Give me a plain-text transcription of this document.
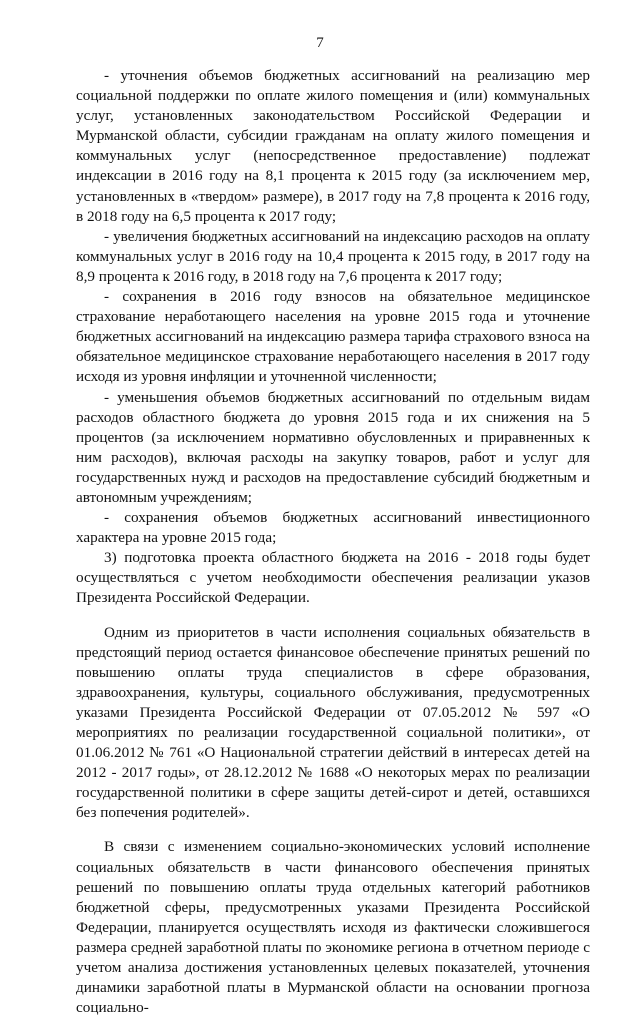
7

- уточнения объемов бюджетных ассигнований на реализацию мер социальной поддержки по оплате жилого помещения и (или) коммунальных услуг, установленных законодательством Российской Федерации и Мурманской области, субсидии гражданам на оплату жилого помещения и коммунальных услуг (непосредственное предоставление) подлежат индексации в 2016 году на 8,1 процента к 2015 году (за исключением мер, установленных в «твердом» размере), в 2017 году на 7,8 процента к 2016 году, в 2018 году на 6,5 процента к 2017 году;

- увеличения бюджетных ассигнований на индексацию расходов на оплату коммунальных услуг в 2016 году на 10,4 процента к 2015 году, в 2017 году на 8,9 процента к 2016 году, в 2018 году на 7,6 процента к 2017 году;

- сохранения в 2016 году взносов на обязательное медицинское страхование неработающего населения на уровне 2015 года и уточнение бюджетных ассигнований на индексацию размера тарифа страхового взноса на обязательное медицинское страхование неработающего населения в 2017 году исходя из уровня инфляции и уточненной численности;

- уменьшения объемов бюджетных ассигнований по отдельным видам расходов областного бюджета до уровня 2015 года и их снижения на 5 процентов (за исключением нормативно обусловленных и приравненных к ним расходов), включая расходы на закупку товаров, работ и услуг для государственных нужд и расходов на предоставление субсидий бюджетным и автономным учреждениям;

- сохранения объемов бюджетных ассигнований инвестиционного характера на уровне 2015 года;

3) подготовка проекта областного бюджета на 2016 - 2018 годы будет осуществляться с учетом необходимости обеспечения реализации указов Президента Российской Федерации.

Одним из приоритетов в части исполнения социальных обязательств в предстоящий период остается финансовое обеспечение принятых решений по повышению оплаты труда специалистов в сфере образования, здравоохранения, культуры, социального обслуживания, предусмотренных указами Президента Российской Федерации от 07.05.2012 № 597 «О мероприятиях по реализации государственной социальной политики», от 01.06.2012 № 761 «О Национальной стратегии действий в интересах детей на 2012 - 2017 годы», от 28.12.2012 № 1688 «О некоторых мерах по реализации государственной политики в сфере защиты детей-сирот и детей, оставшихся без попечения родителей».

В связи с изменением социально-экономических условий исполнение социальных обязательств в части финансового обеспечения принятых решений по повышению оплаты труда отдельных категорий работников бюджетной сферы, предусмотренных указами Президента Российской Федерации, планируется осуществлять исходя из фактически сложившегося размера средней заработной платы по экономике региона в отчетном периоде с учетом анализа достижения установленных целевых показателей, уточнения динамики заработной платы в Мурманской области на основании прогноза социально-
